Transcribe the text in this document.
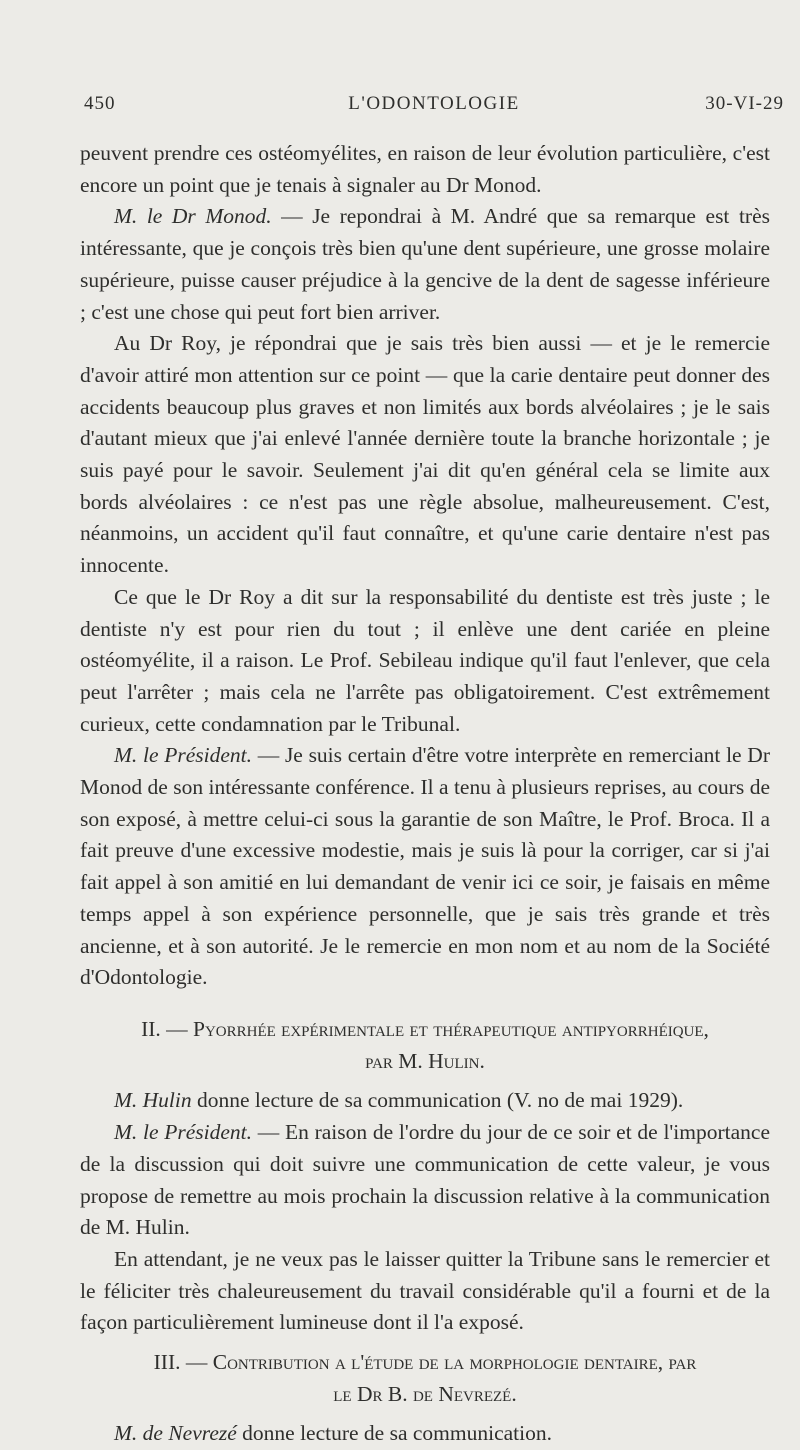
450	L'ODONTOLOGIE	30-VI-29

peuvent prendre ces ostéomyélites, en raison de leur évolution particulière, c'est encore un point que je tenais à signaler au Dr Monod.

M. le Dr Monod. — Je repondrai à M. André que sa remarque est très intéressante, que je conçois très bien qu'une dent supérieure, une grosse molaire supérieure, puisse causer préjudice à la gencive de la dent de sagesse inférieure ; c'est une chose qui peut fort bien arriver.

Au Dr Roy, je répondrai que je sais très bien aussi — et je le remercie d'avoir attiré mon attention sur ce point — que la carie dentaire peut donner des accidents beaucoup plus graves et non limités aux bords alvéolaires ; je le sais d'autant mieux que j'ai enlevé l'année dernière toute la branche horizontale ; je suis payé pour le savoir. Seulement j'ai dit qu'en général cela se limite aux bords alvéolaires : ce n'est pas une règle absolue, malheureusement. C'est, néanmoins, un accident qu'il faut connaître, et qu'une carie dentaire n'est pas innocente.

Ce que le Dr Roy a dit sur la responsabilité du dentiste est très juste ; le dentiste n'y est pour rien du tout ; il enlève une dent cariée en pleine ostéomyélite, il a raison. Le Prof. Sebileau indique qu'il faut l'enlever, que cela peut l'arrêter ; mais cela ne l'arrête pas obligatoirement. C'est extrêmement curieux, cette condamnation par le Tribunal.

M. le Président. — Je suis certain d'être votre interprète en remerciant le Dr Monod de son intéressante conférence. Il a tenu à plusieurs reprises, au cours de son exposé, à mettre celui-ci sous la garantie de son Maître, le Prof. Broca. Il a fait preuve d'une excessive modestie, mais je suis là pour la corriger, car si j'ai fait appel à son amitié en lui demandant de venir ici ce soir, je faisais en même temps appel à son expérience personnelle, que je sais très grande et très ancienne, et à son autorité. Je le remercie en mon nom et au nom de la Société d'Odontologie.

II. — Pyorrhée expérimentale et thérapeutique antipyorrhéique,

par M. Hulin.

M. Hulin donne lecture de sa communication (V. no de mai 1929).

M. le Président. — En raison de l'ordre du jour de ce soir et de l'importance de la discussion qui doit suivre une communication de cette valeur, je vous propose de remettre au mois prochain la discussion relative à la communication de M. Hulin.

En attendant, je ne veux pas le laisser quitter la Tribune sans le remercier et le féliciter très chaleureusement du travail considérable qu'il a fourni et de la façon particulièrement lumineuse dont il l'a exposé.

III. — Contribution a l'étude de la morphologie dentaire, par

le Dr B. de Nevrezé.

M. de Nevrezé donne lecture de sa communication.
